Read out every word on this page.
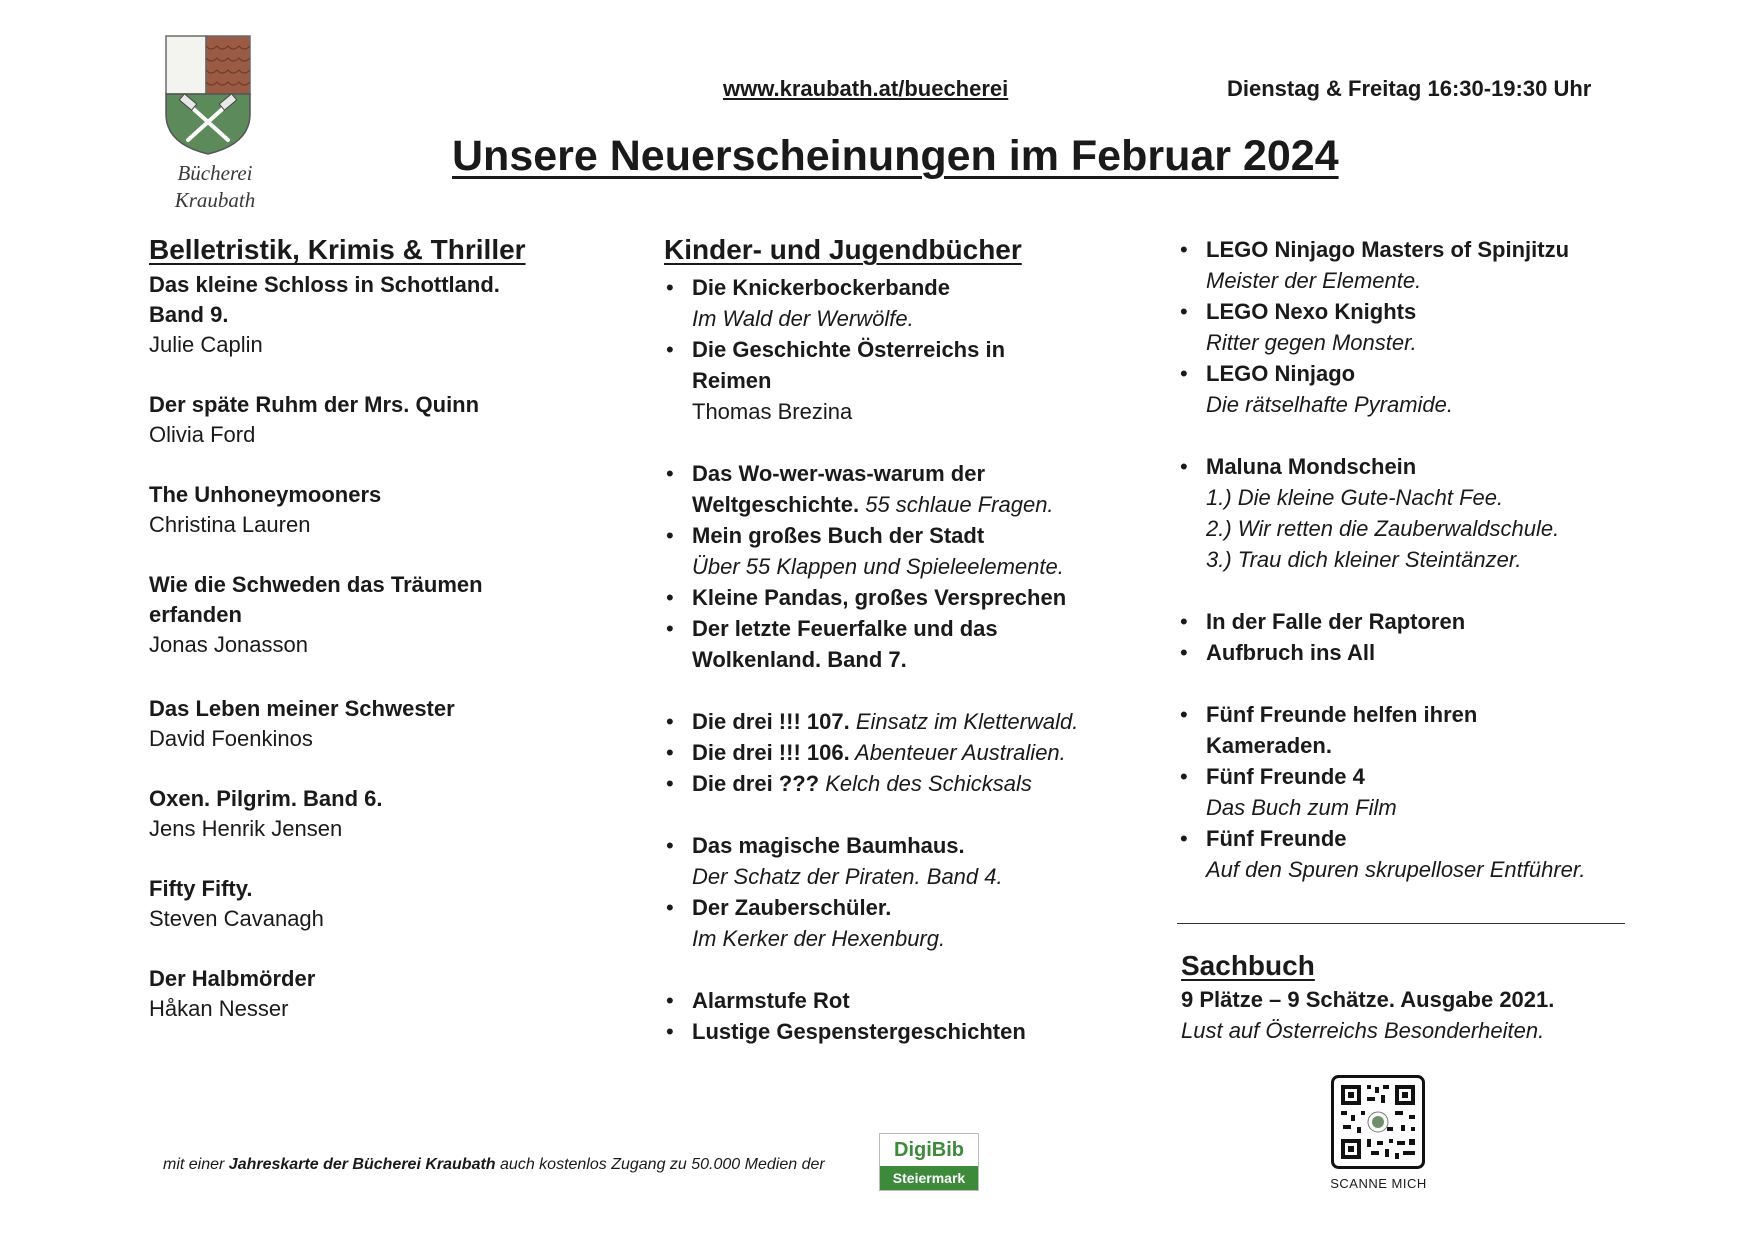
Bücherei
Kraubath
www.kraubath.at/buecherei	Dienstag & Freitag 16:30-19:30 Uhr
Unsere Neuerscheinungen im Februar 2024
Belletristik, Krimis & Thriller
Das kleine Schloss in Schottland.
Band 9.
Julie Caplin
Der späte Ruhm der Mrs. Quinn
Olivia Ford
The Unhoneymooners
Christina Lauren
Wie die Schweden das Träumen
erfanden
Jonas Jonasson
Das Leben meiner Schwester
David Foenkinos
Oxen. Pilgrim. Band 6.
Jens Henrik Jensen
Fifty Fifty.
Steven Cavanagh
Der Halbmörder
Håkan Nesser
Kinder- und Jugendbücher
• Die Knickerbockerbande
Im Wald der Werwölfe.
• Die Geschichte Österreichs in
Reimen
Thomas Brezina
• Das Wo-wer-was-warum der
Weltgeschichte. 55 schlaue Fragen.
• Mein großes Buch der Stadt
Über 55 Klappen und Spieleelemente.
• Kleine Pandas, großes Versprechen
• Der letzte Feuerfalke und das
Wolkenland. Band 7.
• Die drei !!! 107. Einsatz im Kletterwald.
• Die drei !!! 106. Abenteuer Australien.
• Die drei ??? Kelch des Schicksals
• Das magische Baumhaus.
Der Schatz der Piraten. Band 4.
• Der Zauberschüler.
Im Kerker der Hexenburg.
• Alarmstufe Rot
• Lustige Gespenstergeschichten
• LEGO Ninjago Masters of Spinjitzu
Meister der Elemente.
• LEGO Nexo Knights
Ritter gegen Monster.
• LEGO Ninjago
Die rätselhafte Pyramide.
• Maluna Mondschein
1.) Die kleine Gute-Nacht Fee.
2.) Wir retten die Zauberwaldschule.
3.) Trau dich kleiner Steintänzer.
• In der Falle der Raptoren
• Aufbruch ins All
• Fünf Freunde helfen ihren
Kameraden.
• Fünf Freunde 4
Das Buch zum Film
• Fünf Freunde
Auf den Spuren skrupelloser Entführer.
Sachbuch
9 Plätze – 9 Schätze. Ausgabe 2021.
Lust auf Österreichs Besonderheiten.
mit einer Jahreskarte der Bücherei Kraubath auch kostenlos Zugang zu 50.000 Medien der
DigiBib
Steiermark	SCANNE MICH
